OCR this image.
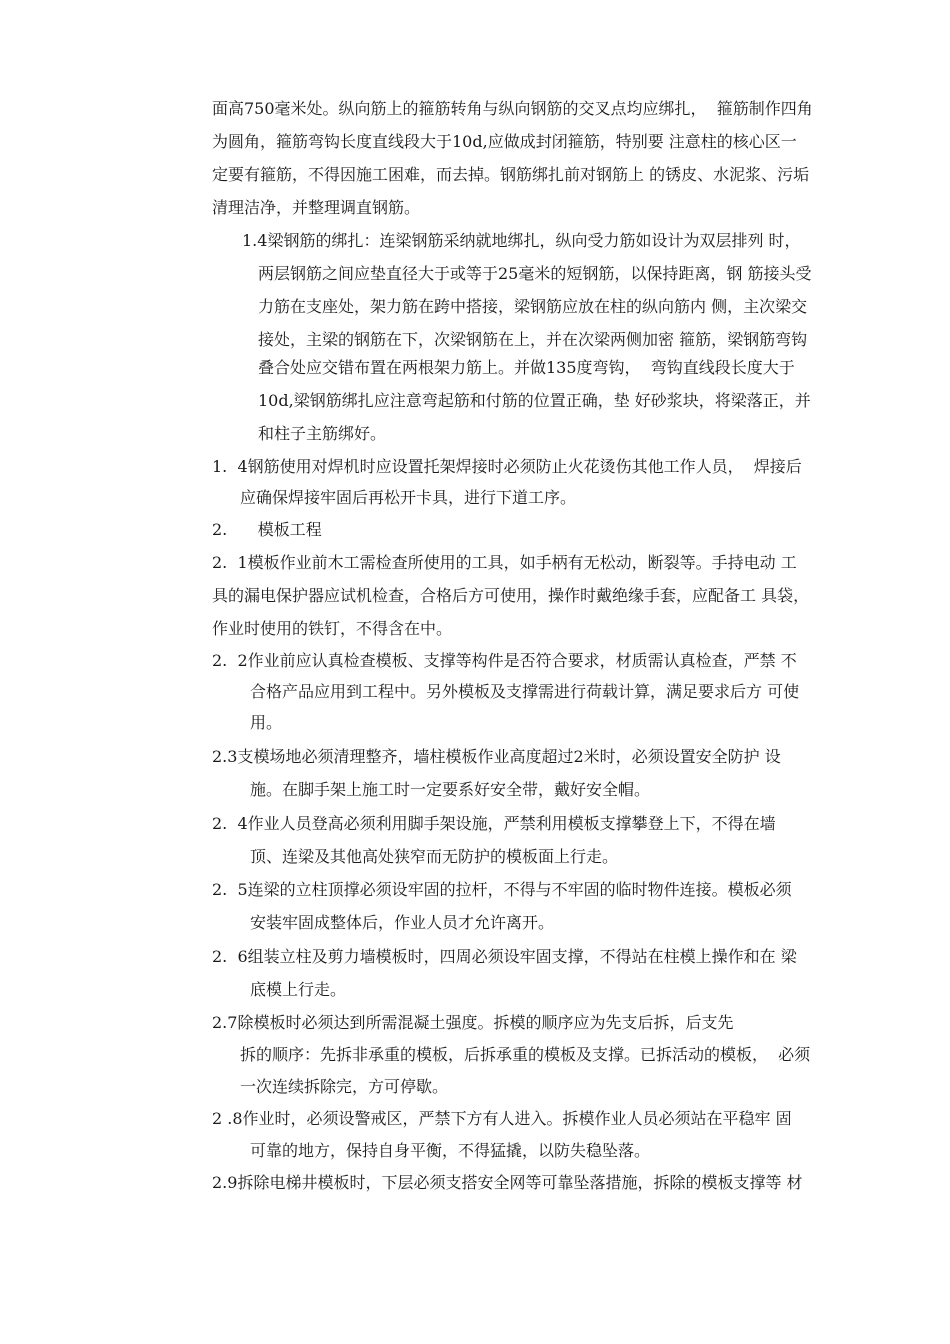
面高750毫米处。纵向筋上的箍筋转角与纵向钢筋的交叉点均应绑扎，  箍筋制作四角
为圆角，箍筋弯钩长度直线段大于10d,应做成封闭箍筋，特别要 注意柱的核心区一
定要有箍筋，不得因施工困难，而去掉。钢筋绑扎前对钢筋上 的锈皮、水泥浆、污垢
清理洁净，并整理调直钢筋。
1.4梁钢筋的绑扎：连梁钢筋采纳就地绑扎，纵向受力筋如设计为双层排列 时，
两层钢筋之间应垫直径大于或等于25毫米的短钢筋，以保持距离，钢 筋接头受
力筋在支座处，架力筋在跨中搭接，梁钢筋应放在柱的纵向筋内 侧，主次梁交
接处，主梁的钢筋在下，次梁钢筋在上，并在次梁两侧加密 箍筋，梁钢筋弯钩
叠合处应交错布置在两根架力筋上。并做135度弯钩，  弯钩直线段长度大于
10d,梁钢筋绑扎应注意弯起筋和付筋的位置正确，垫 好砂浆块，将梁落正，并
和柱子主筋绑好。
1.  4钢筋使用对焊机时应设置托架焊接时必须防止火花烫伤其他工作人员，  焊接后
应确保焊接牢固后再松开卡具，进行下道工序。
2.      模板工程
2.  1模板作业前木工需检查所使用的工具，如手柄有无松动，断裂等。手持电动 工
具的漏电保护器应试机检查，合格后方可使用，操作时戴绝缘手套，应配备工 具袋，
作业时使用的铁钉，不得含在中。
2.  2作业前应认真检查模板、支撑等构件是否符合要求，材质需认真检查，严禁 不
合格产品应用到工程中。另外模板及支撑需进行荷载计算，满足要求后方 可使
用。
2.3支模场地必须清理整齐，墙柱模板作业高度超过2米时，必须设置安全防护 设
施。在脚手架上施工时一定要系好安全带，戴好安全帽。
2.  4作业人员登高必须利用脚手架设施，严禁利用模板支撑攀登上下，不得在墙
顶、连梁及其他高处狭窄而无防护的模板面上行走。
2.  5连梁的立柱顶撑必须设牢固的拉杆，不得与不牢固的临时物件连接。模板必须
安装牢固成整体后，作业人员才允许离开。
2.  6组装立柱及剪力墙模板时，四周必须设牢固支撑，不得站在柱模上操作和在 梁
底模上行走。
2.7除模板时必须达到所需混凝土强度。拆模的顺序应为先支后拆，后支先
拆的顺序：先拆非承重的模板，后拆承重的模板及支撑。已拆活动的模板，  必须
一次连续拆除完，方可停歇。
2 .8作业时，必须设警戒区，严禁下方有人进入。拆模作业人员必须站在平稳牢 固
可靠的地方，保持自身平衡，不得猛撬，以防失稳坠落。
2.9拆除电梯井模板时，下层必须支搭安全网等可靠坠落措施，拆除的模板支撑等 材
